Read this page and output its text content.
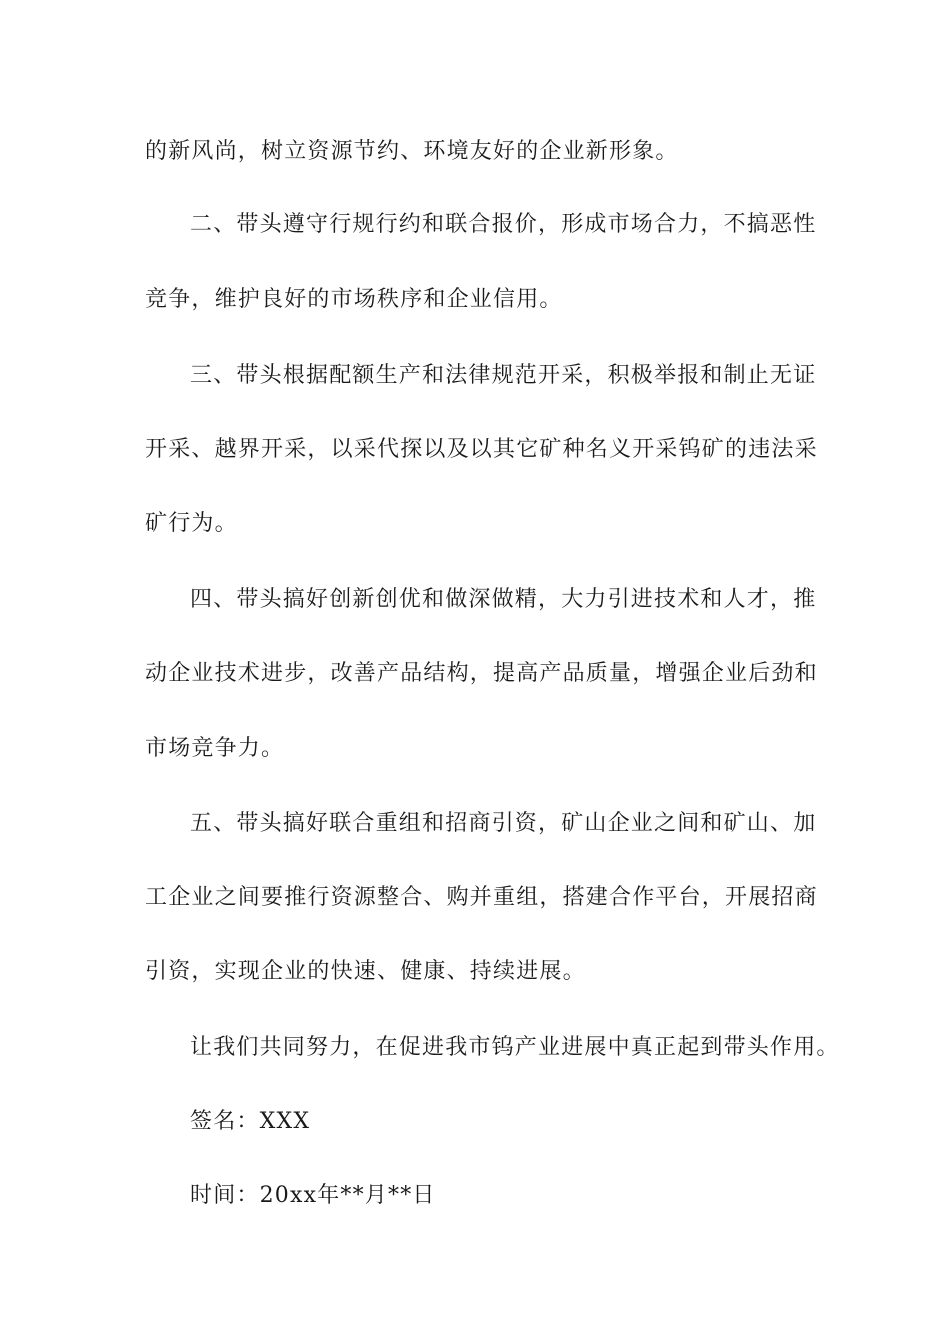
的新风尚，树立资源节约、环境友好的企业新形象。
二、带头遵守行规行约和联合报价，形成市场合力，不搞恶性
竞争，维护良好的市场秩序和企业信用。
三、带头根据配额生产和法律规范开采，积极举报和制止无证
开采、越界开采，以采代探以及以其它矿种名义开采钨矿的违法采
矿行为。
四、带头搞好创新创优和做深做精，大力引进技术和人才，推
动企业技术进步，改善产品结构，提高产品质量，增强企业后劲和
市场竞争力。
五、带头搞好联合重组和招商引资，矿山企业之间和矿山、加
工企业之间要推行资源整合、购并重组，搭建合作平台，开展招商
引资，实现企业的快速、健康、持续进展。
让我们共同努力，在促进我市钨产业进展中真正起到带头作用。
签名：XXX
时间：20xx年**月**日
